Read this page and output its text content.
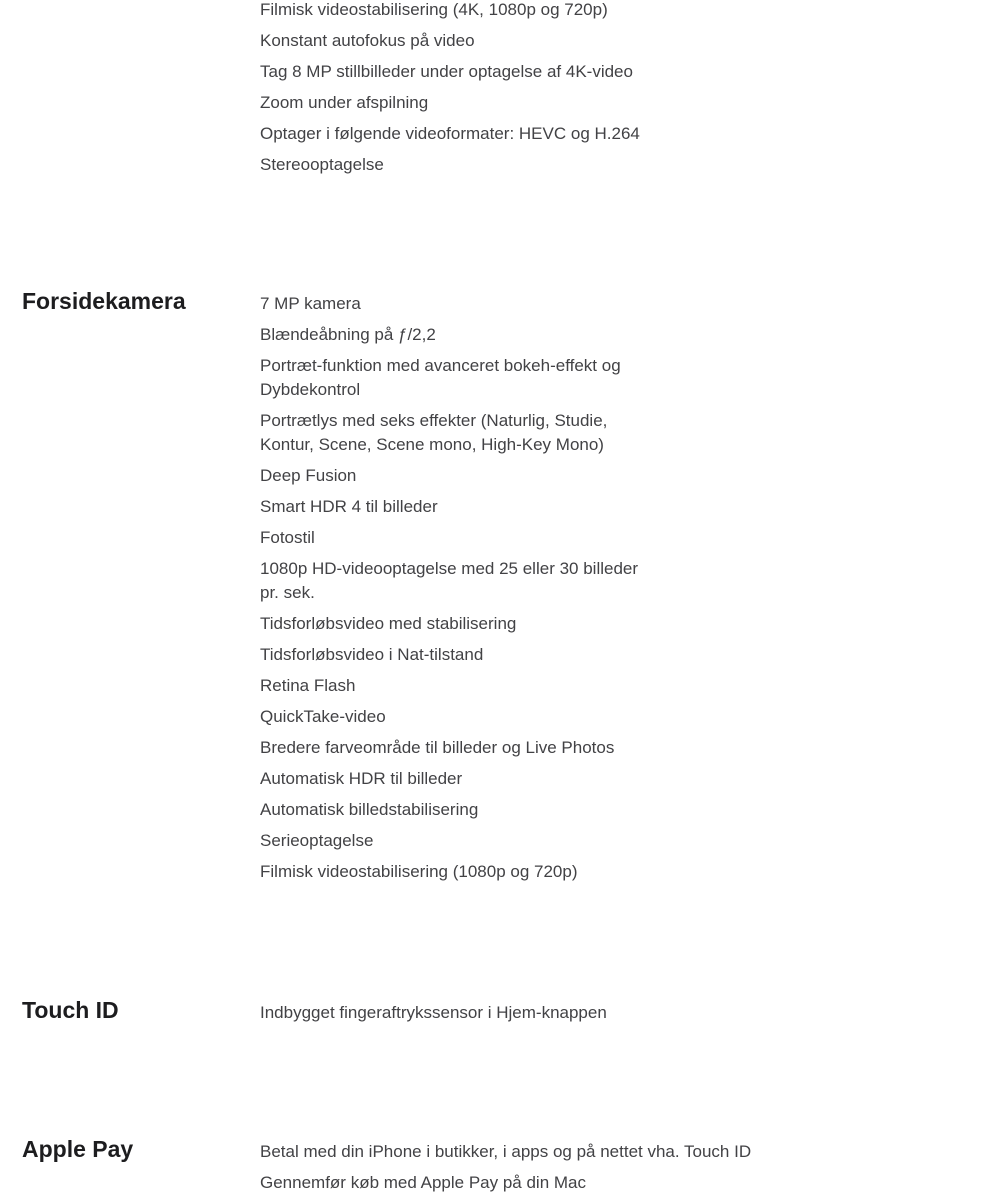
Filmisk videostabilisering (4K, 1080p og 720p)
Konstant autofokus på video
Tag 8 MP stillbilleder under optagelse af 4K-video
Zoom under afspilning
Optager i følgende videoformater: HEVC og H.264
Stereooptagelse
Forsidekamera	7 MP kamera
Blændeåbning på ƒ/2,2
Portræt-funktion med avanceret bokeh-effekt og Dybdekontrol
Portrætlys med seks effekter (Naturlig, Studie, Kontur, Scene, Scene mono, High-Key Mono)
Deep Fusion
Smart HDR 4 til billeder
Fotostil
1080p HD-videooptagelse med 25 eller 30 billeder pr. sek.
Tidsforløbsvideo med stabilisering
Tidsforløbsvideo i Nat-tilstand
Retina Flash
QuickTake-video
Bredere farveområde til billeder og Live Photos
Automatisk HDR til billeder
Automatisk billedstabilisering
Serieoptagelse
Filmisk videostabilisering (1080p og 720p)
Touch ID	Indbygget fingeraftrykssensor i Hjem-knappen
Apple Pay	Betal med din iPhone i butikker, i apps og på nettet vha. Touch ID
Gennemfør køb med Apple Pay på din Mac
